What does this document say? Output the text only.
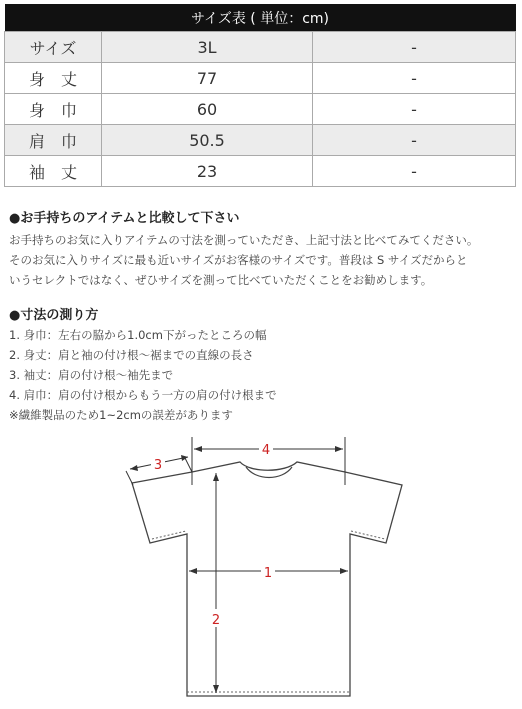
サイズ表 ( 単位：cm)		
サイズ	3L	-
身　丈	77	-
身　巾	60	-
肩　巾	50.5	-
袖　丈	23	-
●お手持ちのアイテムと比較して下さい
お手持ちのお気に入りアイテムの寸法を測っていただき、上記寸法と比べてみてください。
そのお気に入りサイズに最も近いサイズがお客様のサイズです。普段は S サイズだからと
いうセレクトではなく、ぜひサイズを測って比べていただくことをお勧めします。
●寸法の測り方
1. 身巾：左右の脇から1.0cm下がったところの幅
2. 身丈：肩と袖の付け根～裾までの直線の長さ
3. 袖丈：肩の付け根～袖先まで
4. 肩巾：肩の付け根からもう一方の肩の付け根まで
※繊維製品のため1~2cmの誤差があります
4
3
1
2
